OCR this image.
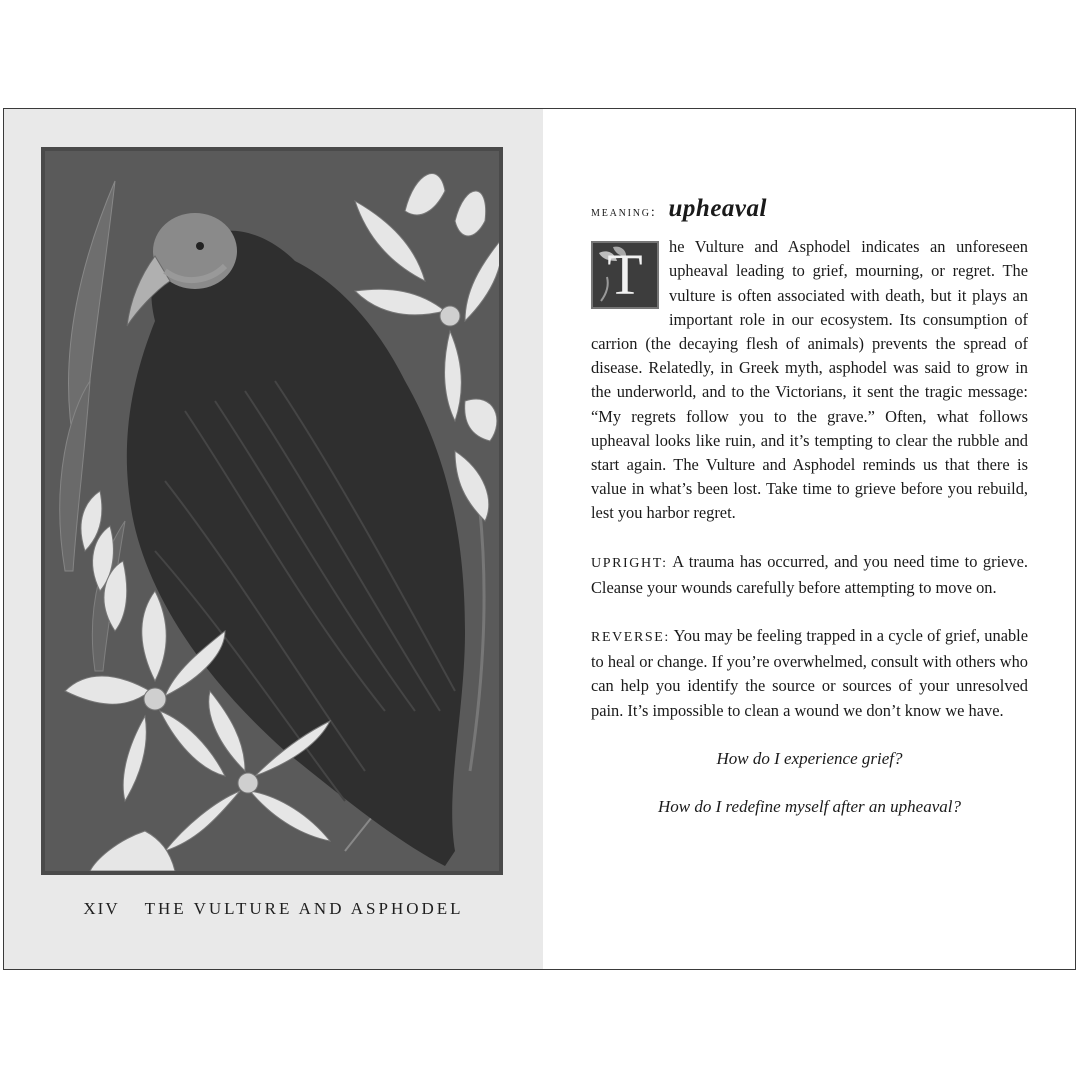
XIV THE VULTURE AND ASPHODEL
meaning: upheaval

T	he Vulture and Asphodel indicates an unforeseen upheaval leading to grief, mourning, or regret. The vulture is often associated with death, but it plays an important role in our ecosystem. Its consumption of carrion (the decaying flesh of animals) prevents the spread of disease. Relatedly, in Greek myth, asphodel was said to grow in the underworld, and to the Victorians, it sent the tragic message: “My regrets follow you to the grave.” Often, what follows upheaval looks like ruin, and it’s tempting to clear the rubble and start again. The Vulture and Asphodel reminds us that there is value in what’s been lost. Take time to grieve before you rebuild, lest you harbor regret.

UPRIGHT: A trauma has occurred, and you need time to grieve. Cleanse your wounds carefully before attempting to move on.

REVERSE: You may be feeling trapped in a cycle of grief, unable to heal or change. If you’re overwhelmed, consult with others who can help you identify the source or sources of your unresolved pain. It’s impossible to clean a wound we don’t know we have.

How do I experience grief?

How do I redefine myself after an upheaval?
